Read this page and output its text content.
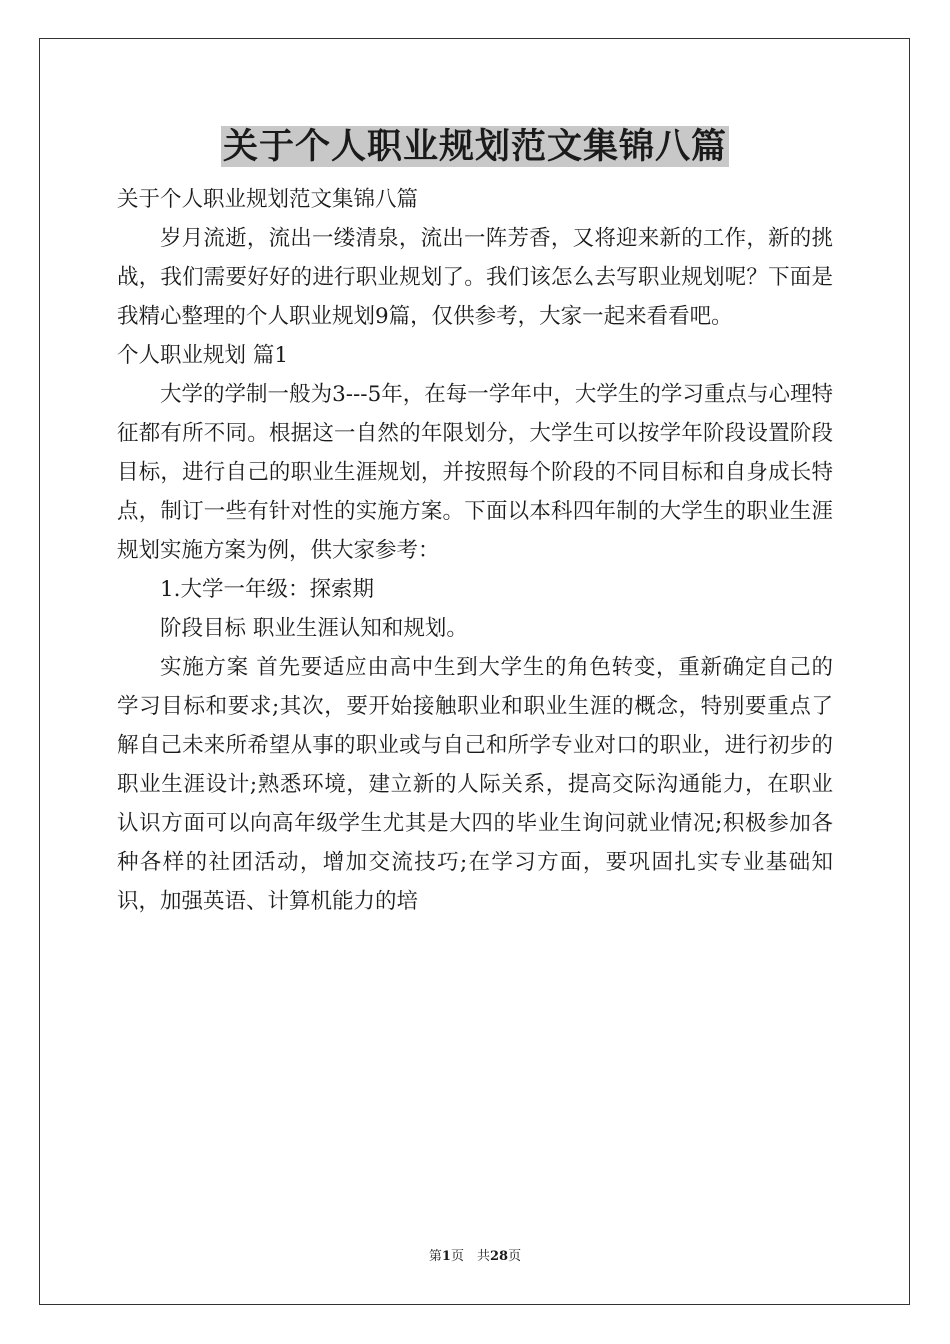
关于个人职业规划范文集锦八篇

关于个人职业规划范文集锦八篇

岁月流逝，流出一缕清泉，流出一阵芳香，又将迎来新的工作，新的挑战，我们需要好好的进行职业规划了。我们该怎么去写职业规划呢？下面是我精心整理的个人职业规划9篇，仅供参考，大家一起来看看吧。

个人职业规划 篇1

大学的学制一般为3---5年，在每一学年中，大学生的学习重点与心理特征都有所不同。根据这一自然的年限划分，大学生可以按学年阶段设置阶段目标，进行自己的职业生涯规划，并按照每个阶段的不同目标和自身成长特点，制订一些有针对性的实施方案。下面以本科四年制的大学生的职业生涯规划实施方案为例，供大家参考：

1.大学一年级：探索期

阶段目标 职业生涯认知和规划。

实施方案 首先要适应由高中生到大学生的角色转变，重新确定自己的学习目标和要求;其次，要开始接触职业和职业生涯的概念，特别要重点了解自己未来所希望从事的职业或与自己和所学专业对口的职业，进行初步的职业生涯设计;熟悉环境，建立新的人际关系，提高交际沟通能力，在职业认识方面可以向高年级学生尤其是大四的毕业生询问就业情况;积极参加各种各样的社团活动，增加交流技巧;在学习方面，要巩固扎实专业基础知识，加强英语、计算机能力的培

第1页　共28页
